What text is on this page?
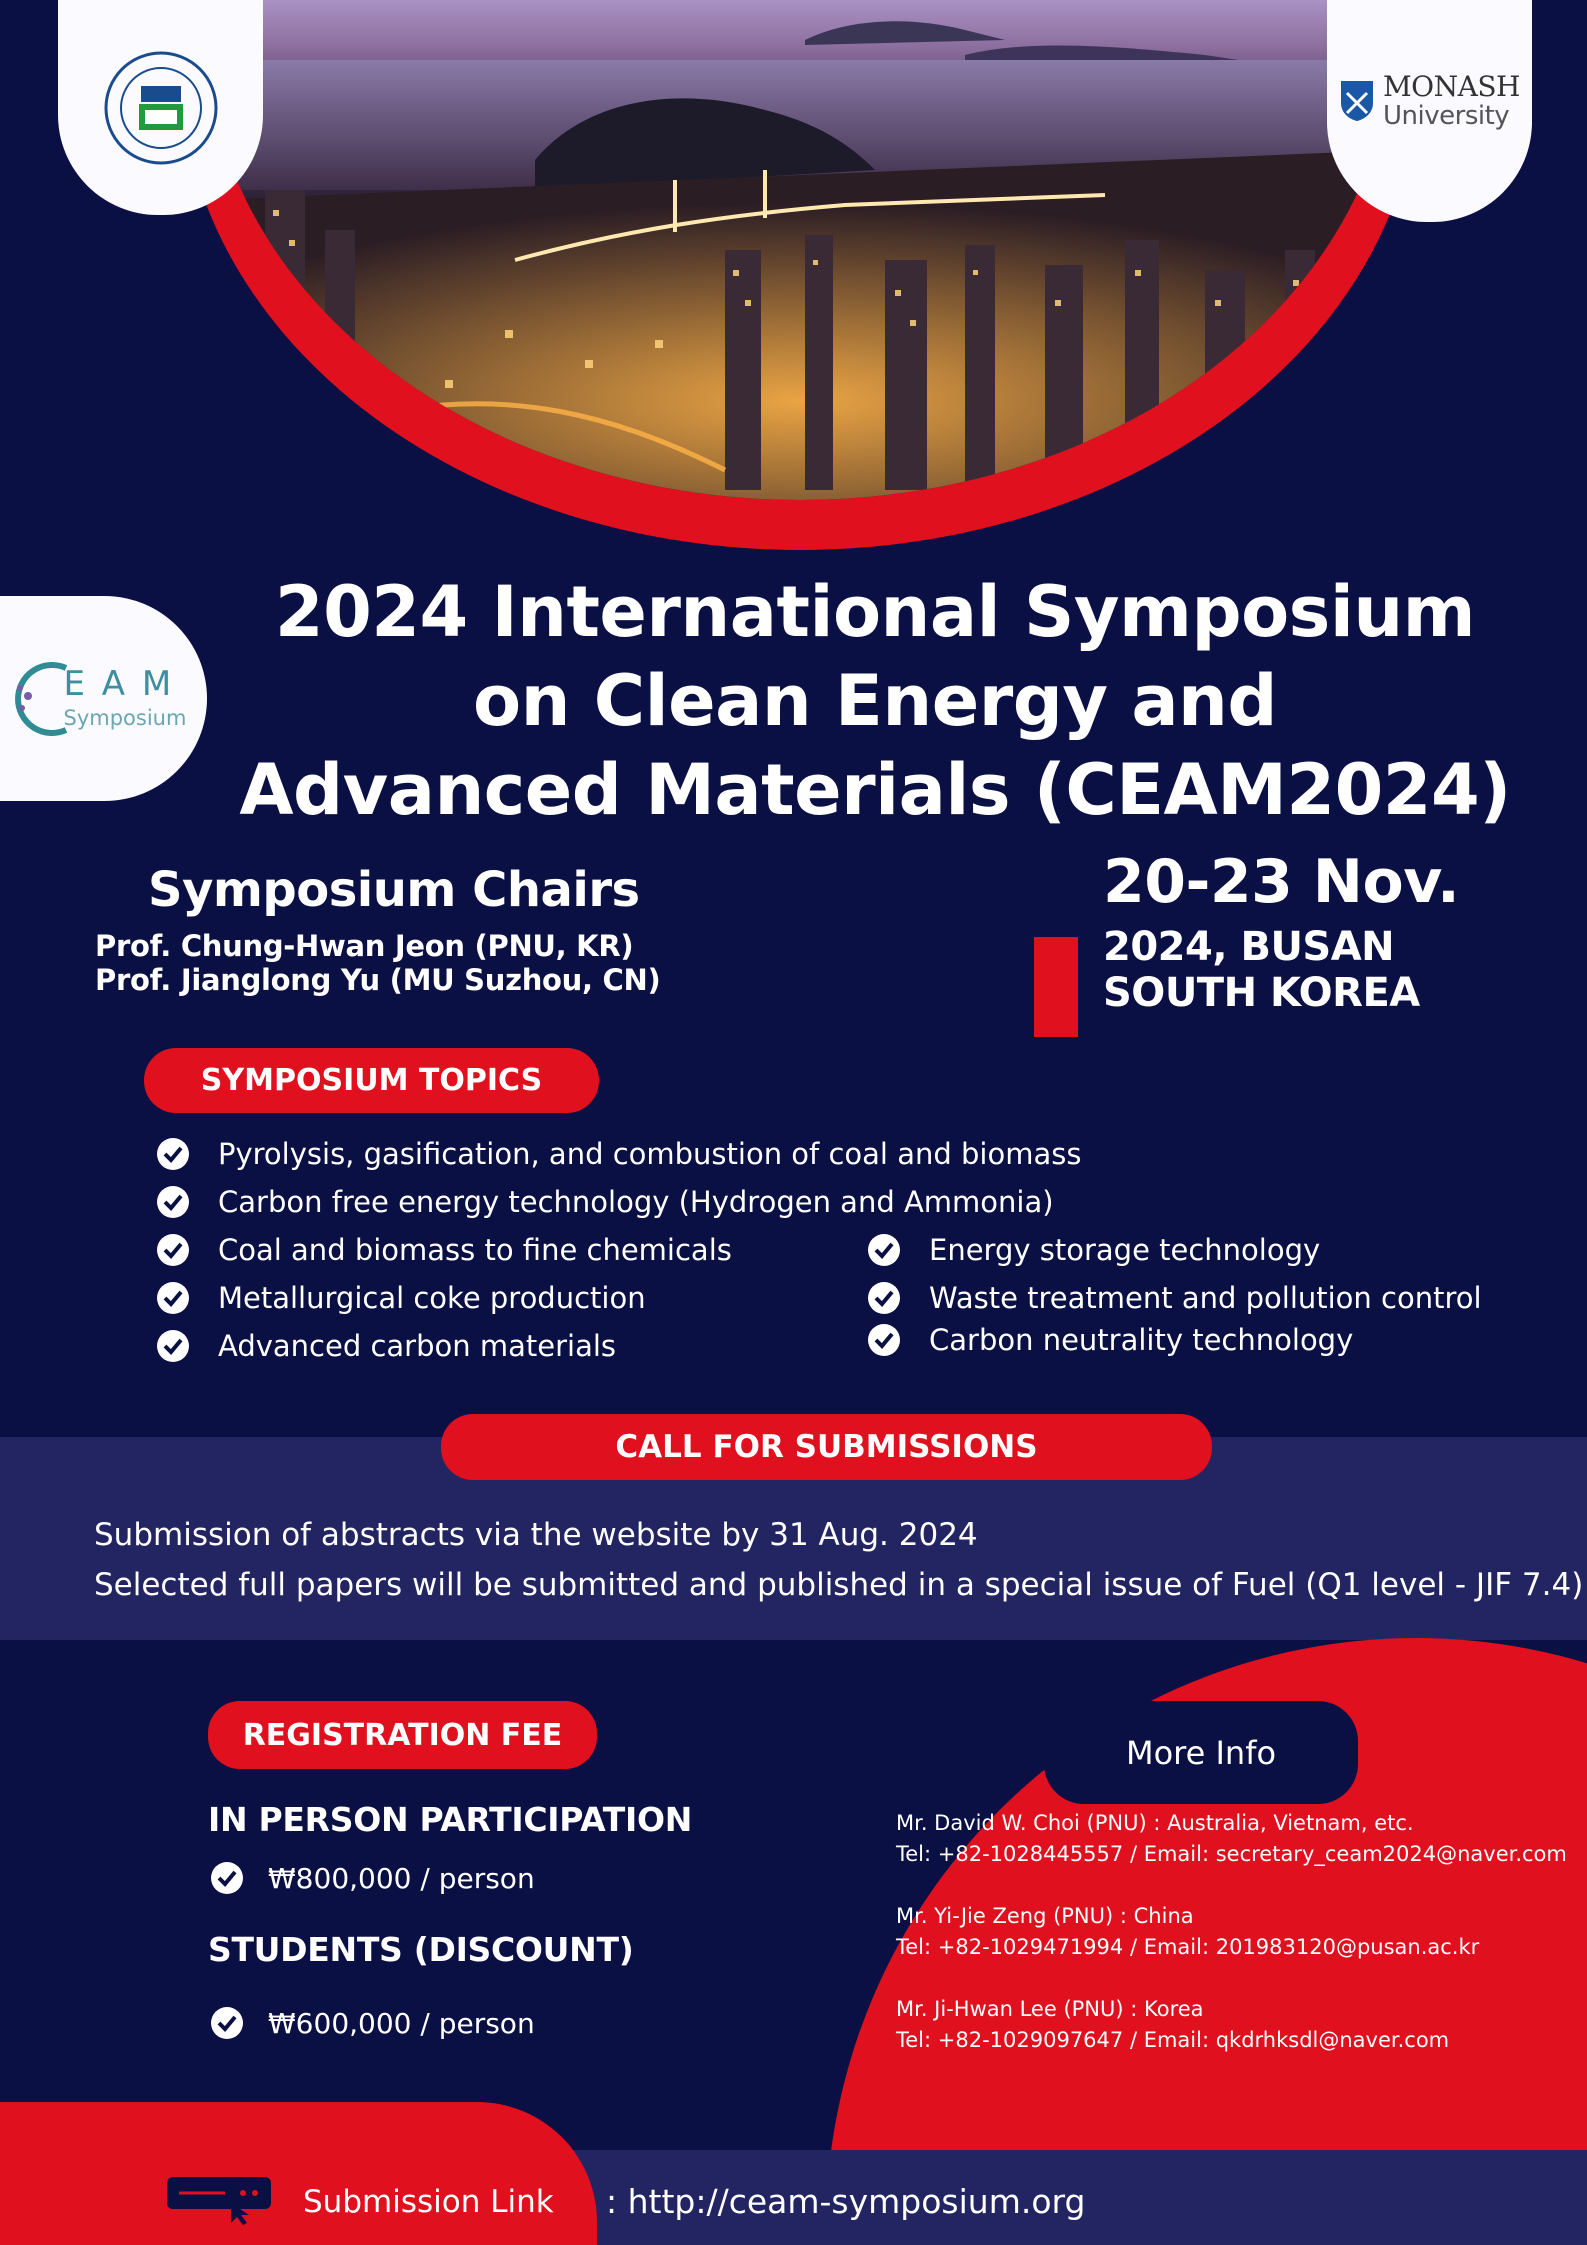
MONASH
University
E A M
Symposium
2024 International Symposium
on Clean Energy and
Advanced Materials (CEAM2024)
Symposium Chairs
Prof. Chung-Hwan Jeon (PNU, KR)
Prof. Jianglong Yu (MU Suzhou, CN)
20-23 Nov.
2024, BUSAN
SOUTH KOREA
SYMPOSIUM TOPICS
Pyrolysis, gasification, and combustion of coal and biomass
Carbon free energy technology (Hydrogen and Ammonia)
Coal and biomass to fine chemicals
Metallurgical coke production
Advanced carbon materials
Energy storage technology
Waste treatment and pollution control
Carbon neutrality technology
CALL FOR SUBMISSIONS
Submission of abstracts via the website by 31 Aug. 2024
Selected full papers will be submitted and published in a special issue of Fuel (Q1 level - JIF 7.4)
More Info
Mr. David W. Choi (PNU) : Australia, Vietnam, etc.
Tel: +82-1028445557 / Email: secretary_ceam2024@naver.com
Mr. Yi-Jie Zeng (PNU) : China
Tel: +82-1029471994 / Email: 201983120@pusan.ac.kr
Mr. Ji-Hwan Lee (PNU) : Korea
Tel: +82-1029097647 / Email: qkdrhksdl@naver.com
REGISTRATION FEE
IN PERSON PARTICIPATION
₩800,000 / person
STUDENTS (DISCOUNT)
₩600,000 / person
Submission Link : http://ceam-symposium.org
